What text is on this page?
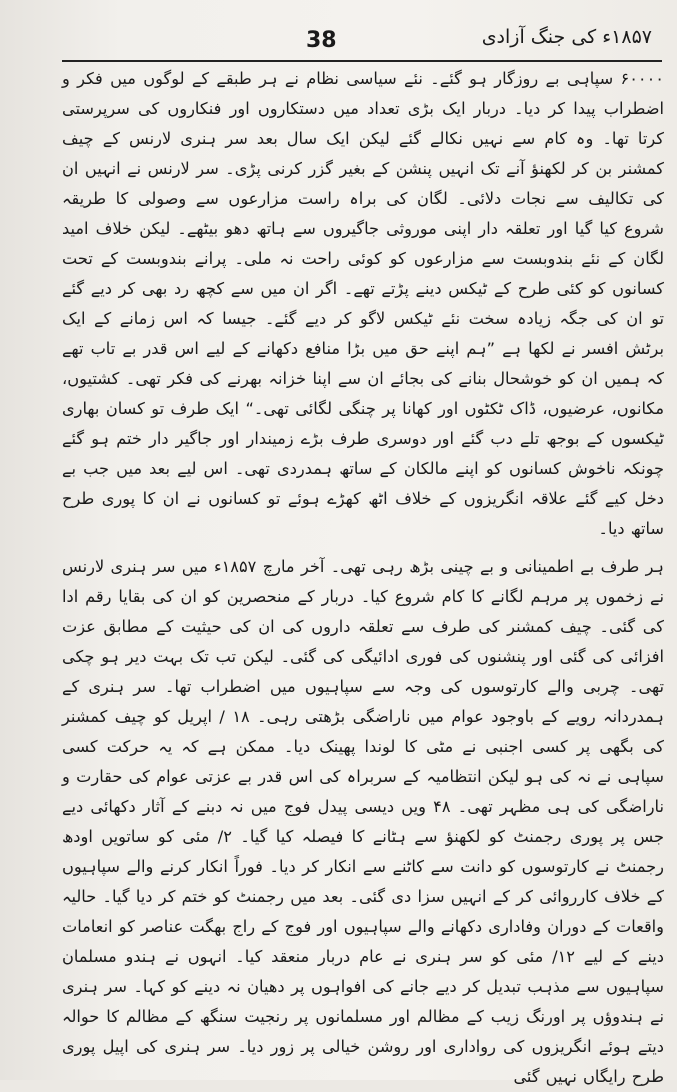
38	۱۸۵۷ء کی جنگ آزادی

۶۰۰۰۰ سپاہی بے روزگار ہو گئے۔ نئے سیاسی نظام نے ہر طبقے کے لوگوں میں فکر و اضطراب پیدا کر دیا۔ دربار ایک بڑی تعداد میں دستکاروں اور فنکاروں کی سرپرستی کرتا تھا۔ وہ کام سے نہیں نکالے گئے لیکن ایک سال بعد سر ہنری لارنس کے چیف کمشنر بن کر لکھنؤ آنے تک انہیں پنشن کے بغیر گزر کرنی پڑی۔ سر لارنس نے انہیں ان کی تکالیف سے نجات دلائی۔ لگان کی براہ راست مزارعوں سے وصولی کا طریقہ شروع کیا گیا اور تعلقہ دار اپنی موروثی جاگیروں سے ہاتھ دھو بیٹھے۔ لیکن خلاف امید لگان کے نئے بندوبست سے مزارعوں کو کوئی راحت نہ ملی۔ پرانے بندوبست کے تحت کسانوں کو کئی طرح کے ٹیکس دینے پڑتے تھے۔ اگر ان میں سے کچھ رد بھی کر دیے گئے تو ان کی جگہ زیادہ سخت نئے ٹیکس لاگو کر دیے گئے۔ جیسا کہ اس زمانے کے ایک برٹش افسر نے لکھا ہے ”ہم اپنے حق میں بڑا منافع دکھانے کے لیے اس قدر بے تاب تھے کہ ہمیں ان کو خوشحال بنانے کی بجائے ان سے اپنا خزانہ بھرنے کی فکر تھی۔ کشتیوں، مکانوں، عرضیوں، ڈاک ٹکٹوں اور کھانا پر چنگی لگائی تھی۔“ ایک طرف تو کسان بھاری ٹیکسوں کے بوجھ تلے دب گئے اور دوسری طرف بڑے زمیندار اور جاگیر دار ختم ہو گئے چونکہ ناخوش کسانوں کو اپنے مالکان کے ساتھ ہمدردی تھی۔ اس لیے بعد میں جب بے دخل کیے گئے علاقہ انگریزوں کے خلاف اٹھ کھڑے ہوئے تو کسانوں نے ان کا پوری طرح ساتھ دیا۔

ہر طرف بے اطمینانی و بے چینی بڑھ رہی تھی۔ آخر مارچ ۱۸۵۷ء میں سر ہنری لارنس نے زخموں پر مرہم لگانے کا کام شروع کیا۔ دربار کے منحصرین کو ان کی بقایا رقم ادا کی گئی۔ چیف کمشنر کی طرف سے تعلقہ داروں کی ان کی حیثیت کے مطابق عزت افزائی کی گئی اور پنشنوں کی فوری ادائیگی کی گئی۔ لیکن تب تک بہت دیر ہو چکی تھی۔ چربی والے کارتوسوں کی وجہ سے سپاہیوں میں اضطراب تھا۔ سر ہنری کے ہمدردانہ رویے کے باوجود عوام میں ناراضگی بڑھتی رہی۔ ۱۸ / اپریل کو چیف کمشنر کی بگھی پر کسی اجنبی نے مٹی کا لوندا پھینک دیا۔ ممکن ہے کہ یہ حرکت کسی سپاہی نے نہ کی ہو لیکن انتظامیہ کے سربراہ کی اس قدر بے عزتی عوام کی حقارت و ناراضگی کی ہی مظہر تھی۔ ۴۸ ویں دیسی پیدل فوج میں نہ دبنے کے آثار دکھائی دیے جس پر پوری رجمنٹ کو لکھنؤ سے ہٹانے کا فیصلہ کیا گیا۔ ۲/ مئی کو ساتویں اودھ رجمنٹ نے کارتوسوں کو دانت سے کاٹنے سے انکار کر دیا۔ فوراً انکار کرنے والے سپاہیوں کے خلاف کارروائی کر کے انہیں سزا دی گئی۔ بعد میں رجمنٹ کو ختم کر دیا گیا۔ حالیہ واقعات کے دوران وفاداری دکھانے والے سپاہیوں اور فوج کے راج بھگت عناصر کو انعامات دینے کے لیے ۱۲/ مئی کو سر ہنری نے عام دربار منعقد کیا۔ انہوں نے ہندو مسلمان سپاہیوں سے مذہب تبدیل کر دیے جانے کی افواہوں پر دھیان نہ دینے کو کہا۔ سر ہنری نے ہندوؤں پر اورنگ زیب کے مظالم اور مسلمانوں پر رنجیت سنگھ کے مظالم کا حوالہ دیتے ہوئے انگریزوں کی رواداری اور روشن خیالی پر زور دیا۔ سر ہنری کی اپیل پوری طرح رایگاں نہیں گئی
